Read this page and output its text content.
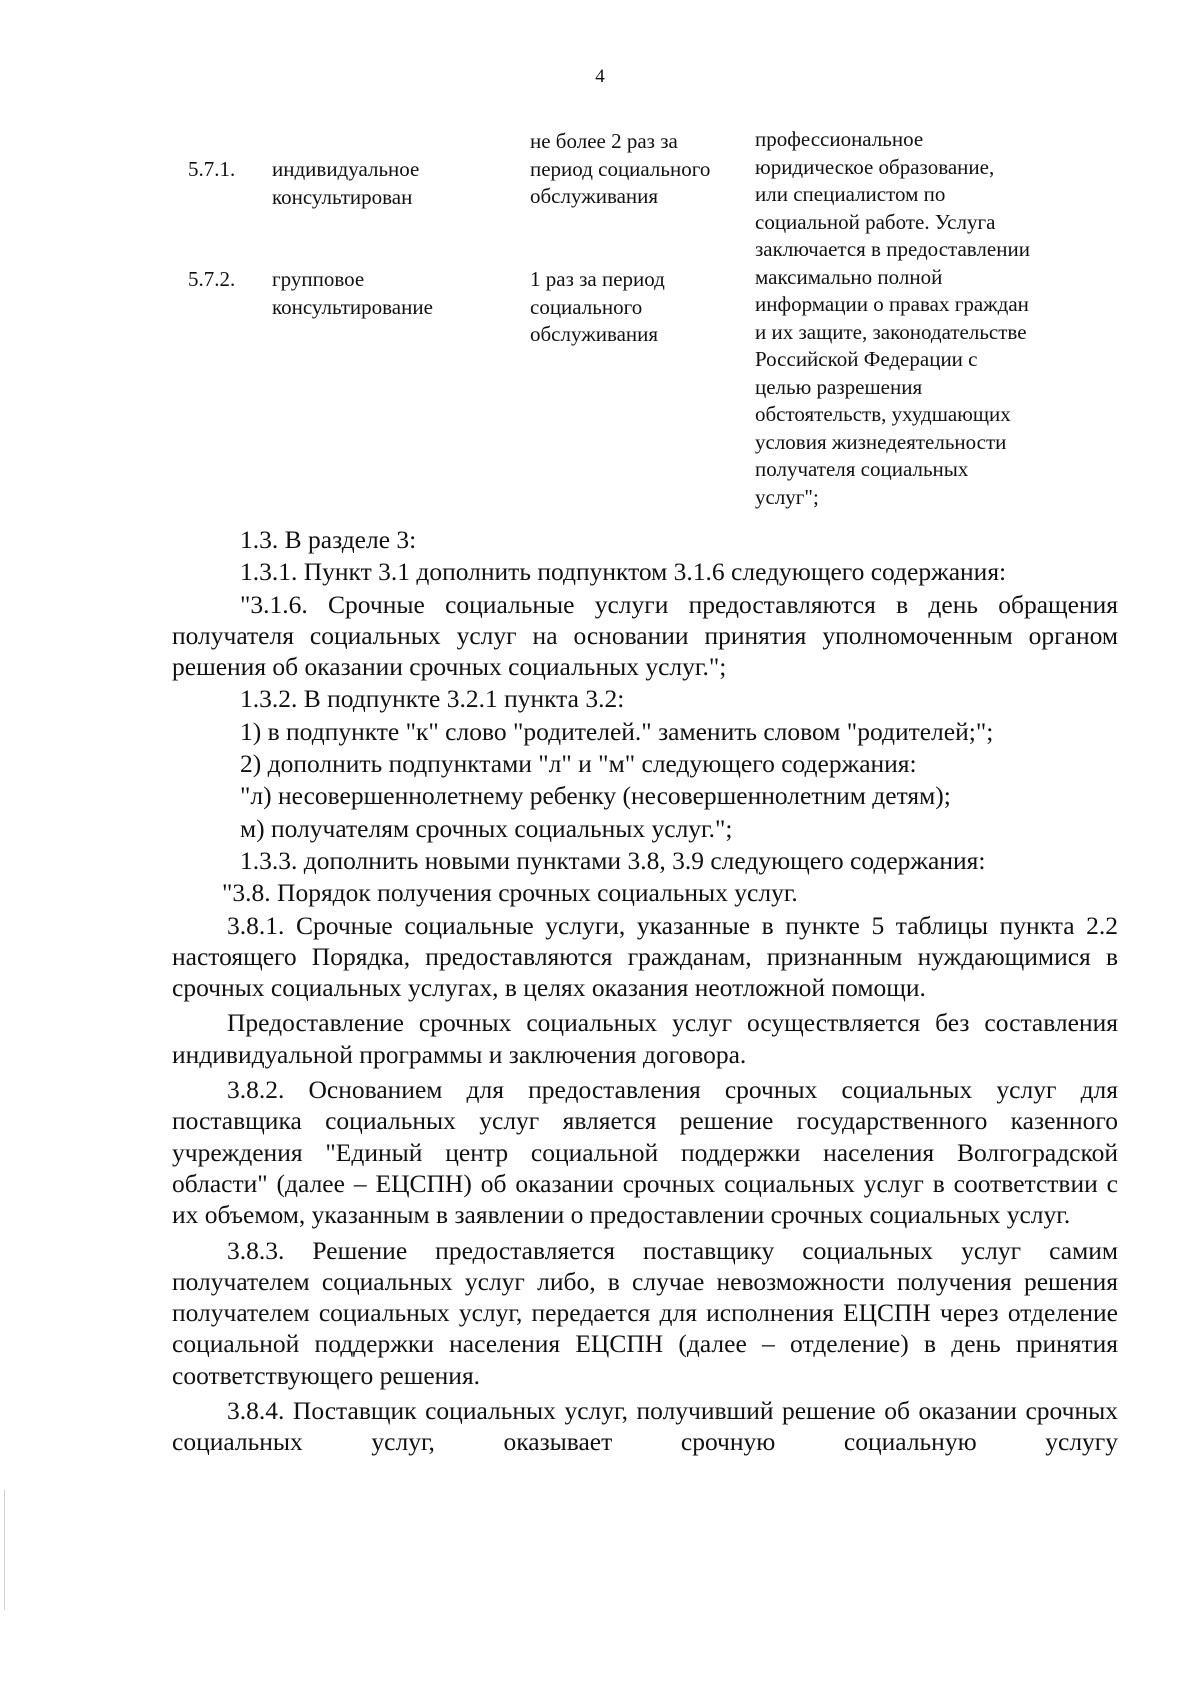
4
5.7.1. индивидуальное
консультирован
не более 2 раз за
период социального
обслуживания
5.7.2. групповое
консультирование
1 раз за период
социального
обслуживания
профессиональное
юридическое образование,
или специалистом по
социальной работе. Услуга
заключается в предоставлении
максимально полной
информации о правах граждан
и их защите, законодательстве
Российской Федерации с
целью разрешения
обстоятельств, ухудшающих
условия жизнедеятельности
получателя социальных
услуг";

1.3. В разделе 3:

1.3.1. Пункт 3.1 дополнить подпунктом 3.1.6 следующего содержания:

"3.1.6. Срочные социальные услуги предоставляются в день обращения получателя социальных услуг на основании принятия уполномоченным органом решения об оказании срочных социальных услуг.";

1.3.2. В подпункте 3.2.1 пункта 3.2:

1) в подпункте "к" слово "родителей." заменить словом "родителей;";

2) дополнить подпунктами "л" и "м" следующего содержания:

"л) несовершеннолетнему ребенку (несовершеннолетним детям);

м) получателям срочных социальных услуг.";

1.3.3. дополнить новыми пунктами 3.8, 3.9 следующего содержания:

"3.8. Порядок получения срочных социальных услуг.

3.8.1. Срочные социальные услуги, указанные в пункте 5 таблицы пункта 2.2 настоящего Порядка, предоставляются гражданам, признанным нуждающимися в срочных социальных услугах, в целях оказания неотложной помощи.

Предоставление срочных социальных услуг осуществляется без составления индивидуальной программы и заключения договора.

3.8.2. Основанием для предоставления срочных социальных услуг для поставщика социальных услуг является решение государственного казенного учреждения "Единый центр социальной поддержки населения Волгоградской области" (далее – ЕЦСПН) об оказании срочных социальных услуг в соответствии с их объемом, указанным в заявлении о предоставлении срочных социальных услуг.

3.8.3. Решение предоставляется поставщику социальных услуг самим получателем социальных услуг либо, в случае невозможности получения решения получателем социальных услуг, передается для исполнения ЕЦСПН через отделение социальной поддержки населения ЕЦСПН (далее – отделение) в день принятия соответствующего решения.

3.8.4. Поставщик социальных услуг, получивший решение об оказании срочных социальных услуг, оказывает срочную социальную услугу
